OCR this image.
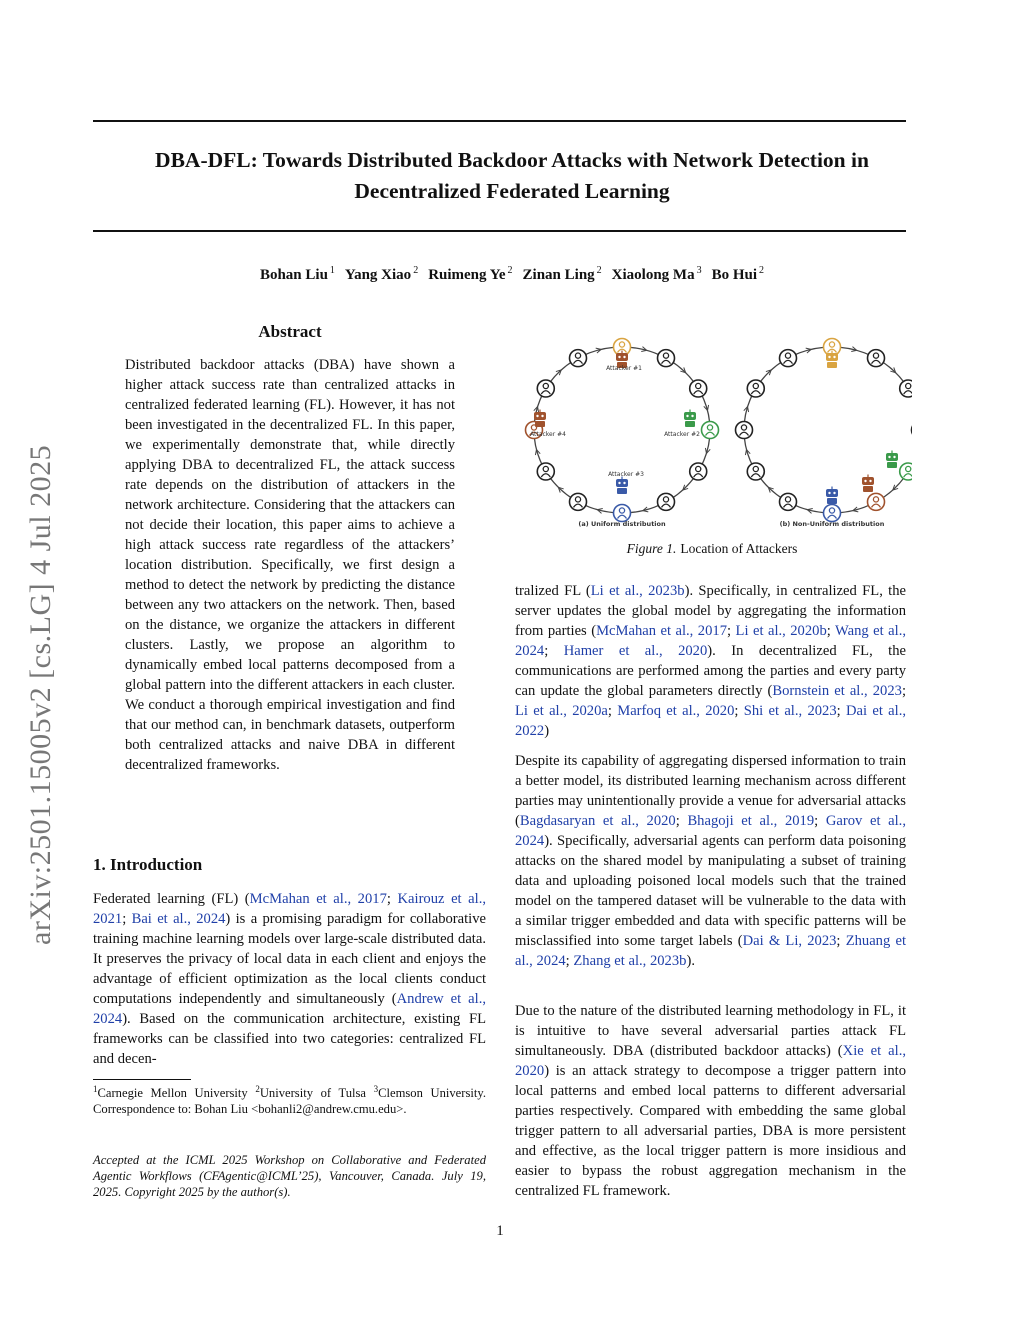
arXiv:2501.15005v2 [cs.LG] 4 Jul 2025
DBA-DFL: Towards Distributed Backdoor Attacks with Network Detection in
Decentralized Federated Learning
Bohan Liu $^1$ Yang Xiao $^2$ Ruimeng Ye $^2$ Zinan Ling $^2$ Xiaolong Ma $^3$ Bo Hui $^2$
Abstract
Distributed backdoor attacks (DBA) have shown a higher attack success rate than centralized attacks in centralized federated learning (FL). However, it has not been investigated in the decentralized FL. In this paper, we experimentally demonstrate that, while directly applying DBA to decentralized FL, the attack success rate depends on the distribution of attackers in the network architecture. Considering that the attackers can not decide their location, this paper aims to achieve a high attack success rate regardless of the attackers’ location distribution. Specifically, we first design a method to detect the network by predicting the distance between any two attackers on the network. Then, based on the distance, we organize the attackers in different clusters. Lastly, we propose an algorithm to dynamically embed local patterns decomposed from a global pattern into the different attackers in each cluster. We conduct a thorough empirical investigation and find that our method can, in benchmark datasets, outperform both centralized attacks and naive DBA in different decentralized frameworks.
1. Introduction
Federated learning (FL) (McMahan et al., 2017; Kairouz et al., 2021; Bai et al., 2024) is a promising paradigm for collaborative training machine learning models over large-scale distributed data. It preserves the privacy of local data in each client and enjoys the advantage of efficient optimization as the local clients conduct computations independently and simultaneously (Andrew et al., 2024). Based on the communication architecture, existing FL frameworks can be classified into two categories: centralized FL and decen-
$^1$Carnegie Mellon University $^2$University of Tulsa $^3$Clemson University. Correspondence to: Bohan Liu <bohanli2@andrew.cmu.edu>.
Accepted at the ICML 2025 Workshop on Collaborative and Federated Agentic Workflows (CFAgentic@ICML’25), Vancouver, Canada. July 19, 2025. Copyright 2025 by the author(s).
Attacker #1
Attacker #2
Attacker #3
Attacker #4
(a) Uniform distribution	(b) Non-Uniform distribution
Figure 1. Location of Attackers
tralized FL (Li et al., 2023b). Specifically, in centralized FL, the server updates the global model by aggregating the information from parties (McMahan et al., 2017; Li et al., 2020b; Wang et al., 2024; Hamer et al., 2020). In decentralized FL, the communications are performed among the parties and every party can update the global parameters directly (Bornstein et al., 2023; Li et al., 2020a; Marfoq et al., 2020; Shi et al., 2023; Dai et al., 2022)
Despite its capability of aggregating dispersed information to train a better model, its distributed learning mechanism across different parties may unintentionally provide a venue for adversarial attacks (Bagdasaryan et al., 2020; Bhagoji et al., 2019; Garov et al., 2024). Specifically, adversarial agents can perform data poisoning attacks on the shared model by manipulating a subset of training data and uploading poisoned local models such that the trained model on the tampered dataset will be vulnerable to the data with a similar trigger embedded and data with specific patterns will be misclassified into some target labels (Dai & Li, 2023; Zhuang et al., 2024; Zhang et al., 2023b).
Due to the nature of the distributed learning methodology in FL, it is intuitive to have several adversarial parties attack FL simultaneously. DBA (distributed backdoor attacks) (Xie et al., 2020) is an attack strategy to decompose a trigger pattern into local patterns and embed local patterns to different adversarial parties respectively. Compared with embedding the same global trigger pattern to all adversarial parties, DBA is more persistent and effective, as the local trigger pattern is more insidious and easier to bypass the robust aggregation mechanism in the centralized FL framework.
1
